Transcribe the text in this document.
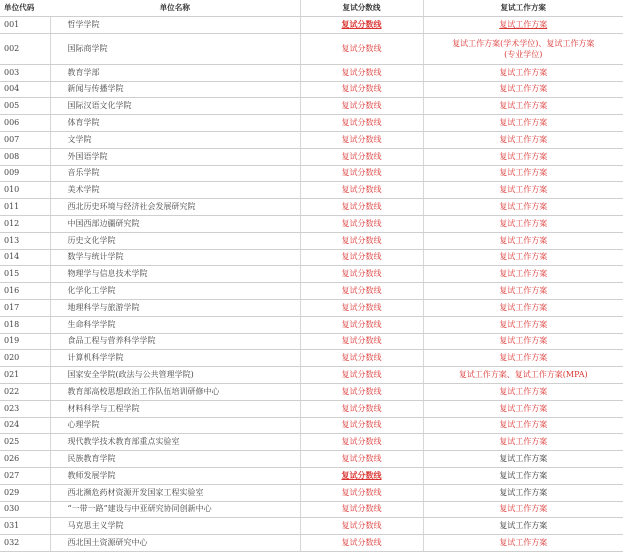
单位代码	单位名称	复试分数线	复试工作方案
001	哲学学院	复试分数线	复试工作方案
002	国际商学院	复试分数线	复试工作方案(学术学位)、复试工作方案
(专业学位)
003	教育学部	复试分数线	复试工作方案
004	新闻与传播学院	复试分数线	复试工作方案
005	国际汉语文化学院	复试分数线	复试工作方案
006	体育学院	复试分数线	复试工作方案
007	文学院	复试分数线	复试工作方案
008	外国语学院	复试分数线	复试工作方案
009	音乐学院	复试分数线	复试工作方案
010	美术学院	复试分数线	复试工作方案
011	西北历史环境与经济社会发展研究院	复试分数线	复试工作方案
012	中国西部边疆研究院	复试分数线	复试工作方案
013	历史文化学院	复试分数线	复试工作方案
014	数学与统计学院	复试分数线	复试工作方案
015	物理学与信息技术学院	复试分数线	复试工作方案
016	化学化工学院	复试分数线	复试工作方案
017	地理科学与旅游学院	复试分数线	复试工作方案
018	生命科学学院	复试分数线	复试工作方案
019	食品工程与营养科学学院	复试分数线	复试工作方案
020	计算机科学学院	复试分数线	复试工作方案
021	国家安全学院(政法与公共管理学院)	复试分数线	复试工作方案、复试工作方案(MPA)
022	教育部高校思想政治工作队伍培训研修中心	复试分数线	复试工作方案
023	材料科学与工程学院	复试分数线	复试工作方案
024	心理学院	复试分数线	复试工作方案
025	现代教学技术教育部重点实验室	复试分数线	复试工作方案
026	民族教育学院	复试分数线	复试工作方案
027	教师发展学院	复试分数线	复试工作方案
029	西北濒危药材资源开发国家工程实验室	复试分数线	复试工作方案
030	“一带一路”建设与中亚研究协同创新中心	复试分数线	复试工作方案
031	马克思主义学院	复试分数线	复试工作方案
032	西北国土资源研究中心	复试分数线	复试工作方案
